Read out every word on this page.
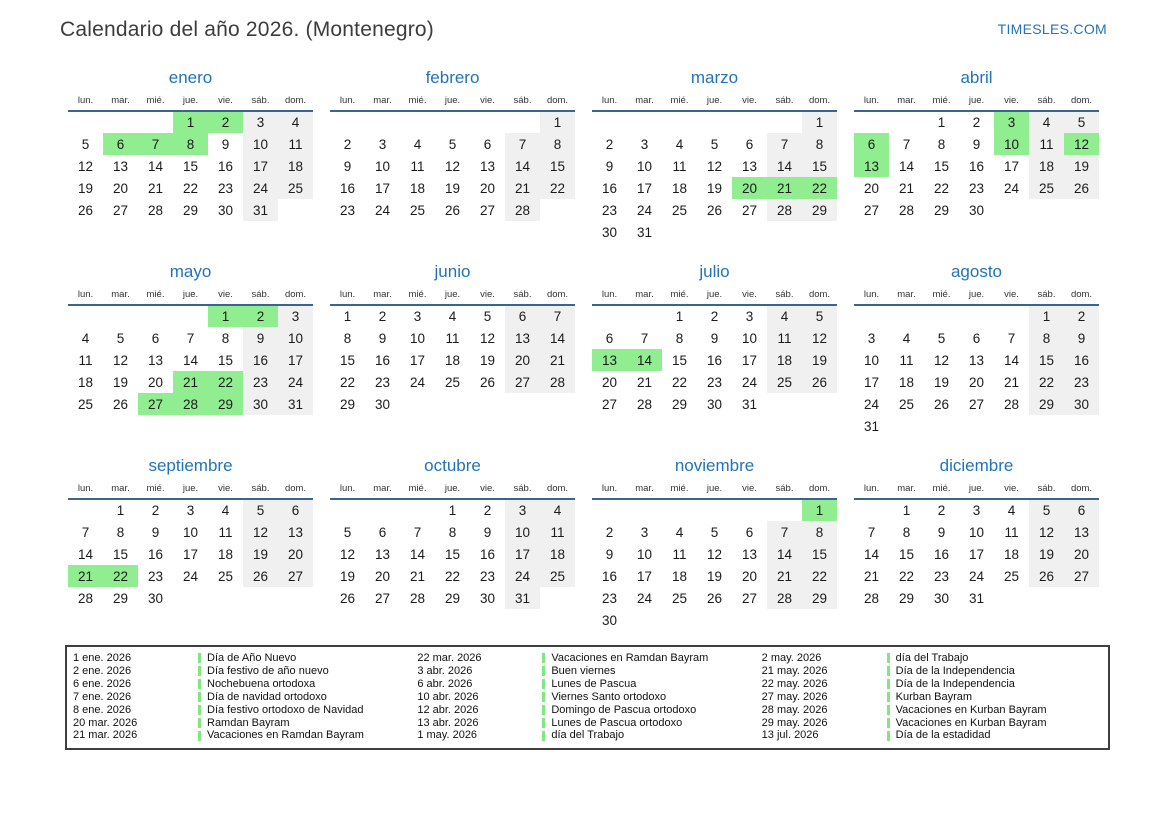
Calendario del año 2026. (Montenegro)	TIMESLES.COM
enero
lun.	mar.	mié.	jue.	vie.	sáb.	dom.
			1	2	3	4
5	6	7	8	9	10	11
12	13	14	15	16	17	18
19	20	21	22	23	24	25
26	27	28	29	30	31	
febrero
lun.	mar.	mié.	jue.	vie.	sáb.	dom.
						1
2	3	4	5	6	7	8
9	10	11	12	13	14	15
16	17	18	19	20	21	22
23	24	25	26	27	28	
marzo
lun.	mar.	mié.	jue.	vie.	sáb.	dom.
						1
2	3	4	5	6	7	8
9	10	11	12	13	14	15
16	17	18	19	20	21	22
23	24	25	26	27	28	29
30	31					
abril
lun.	mar.	mié.	jue.	vie.	sáb.	dom.
		1	2	3	4	5
6	7	8	9	10	11	12
13	14	15	16	17	18	19
20	21	22	23	24	25	26
27	28	29	30			
mayo
lun.	mar.	mié.	jue.	vie.	sáb.	dom.
				1	2	3
4	5	6	7	8	9	10
11	12	13	14	15	16	17
18	19	20	21	22	23	24
25	26	27	28	29	30	31
junio
lun.	mar.	mié.	jue.	vie.	sáb.	dom.
1	2	3	4	5	6	7
8	9	10	11	12	13	14
15	16	17	18	19	20	21
22	23	24	25	26	27	28
29	30					
julio
lun.	mar.	mié.	jue.	vie.	sáb.	dom.
		1	2	3	4	5
6	7	8	9	10	11	12
13	14	15	16	17	18	19
20	21	22	23	24	25	26
27	28	29	30	31		
agosto
lun.	mar.	mié.	jue.	vie.	sáb.	dom.
					1	2
3	4	5	6	7	8	9
10	11	12	13	14	15	16
17	18	19	20	21	22	23
24	25	26	27	28	29	30
31						
septiembre
lun.	mar.	mié.	jue.	vie.	sáb.	dom.
	1	2	3	4	5	6
7	8	9	10	11	12	13
14	15	16	17	18	19	20
21	22	23	24	25	26	27
28	29	30				
octubre
lun.	mar.	mié.	jue.	vie.	sáb.	dom.
			1	2	3	4
5	6	7	8	9	10	11
12	13	14	15	16	17	18
19	20	21	22	23	24	25
26	27	28	29	30	31	
noviembre
lun.	mar.	mié.	jue.	vie.	sáb.	dom.
						1
2	3	4	5	6	7	8
9	10	11	12	13	14	15
16	17	18	19	20	21	22
23	24	25	26	27	28	29
30						
diciembre
lun.	mar.	mié.	jue.	vie.	sáb.	dom.
	1	2	3	4	5	6
7	8	9	10	11	12	13
14	15	16	17	18	19	20
21	22	23	24	25	26	27
28	29	30	31			
1 ene. 2026	Día de Año Nuevo
2 ene. 2026	Día festivo de año nuevo
6 ene. 2026	Nochebuena ortodoxa
7 ene. 2026	Día de navidad ortodoxo
8 ene. 2026	Día festivo ortodoxo de Navidad
20 mar. 2026	Ramdan Bayram
21 mar. 2026	Vacaciones en Ramdan Bayram
22 mar. 2026	Vacaciones en Ramdan Bayram
3 abr. 2026	Buen viernes
6 abr. 2026	Lunes de Pascua
10 abr. 2026	Viernes Santo ortodoxo
12 abr. 2026	Domingo de Pascua ortodoxo
13 abr. 2026	Lunes de Pascua ortodoxo
1 may. 2026	día del Trabajo
2 may. 2026	día del Trabajo
21 may. 2026	Día de la Independencia
22 may. 2026	Día de la Independencia
27 may. 2026	Kurban Bayram
28 may. 2026	Vacaciones en Kurban Bayram
29 may. 2026	Vacaciones en Kurban Bayram
13 jul. 2026	Día de la estadidad
